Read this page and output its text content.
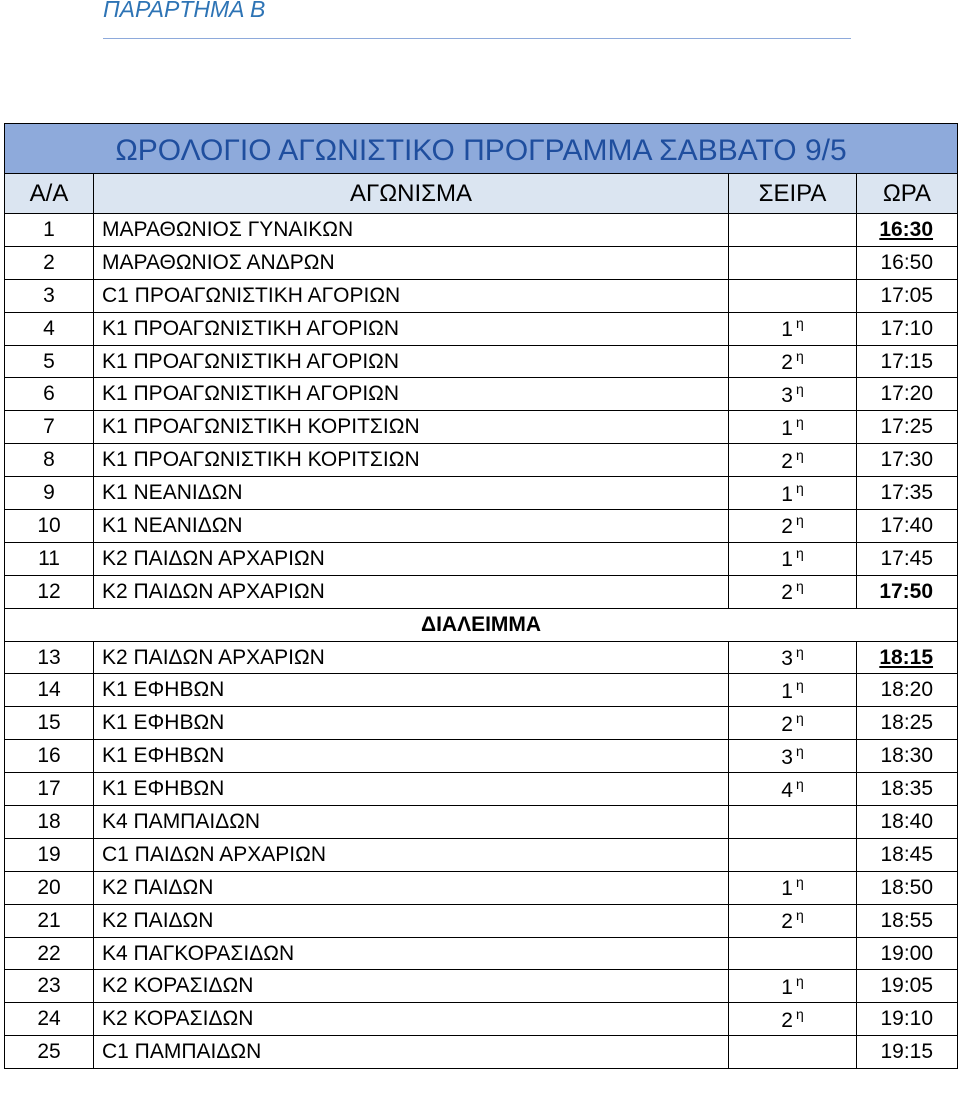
ΠΑΡΑΡΤΗΜΑ Β
ΩΡΟΛΟΓΙΟ ΑΓΩΝΙΣΤΙΚΟ ΠΡΟΓΡΑΜΜΑ ΣΑΒΒΑΤΟ 9/5			
Α/Α	ΑΓΩΝΙΣΜΑ	ΣΕΙΡΑ	ΩΡΑ
1	ΜΑΡΑΘΩΝΙΟΣ ΓΥΝΑΙΚΩΝ		16:30
2	ΜΑΡΑΘΩΝΙΟΣ ΑΝΔΡΩΝ		16:50
3	C1 ΠΡΟΑΓΩΝΙΣΤΙΚΗ ΑΓΟΡΙΩΝ		17:05
4	Κ1 ΠΡΟΑΓΩΝΙΣΤΙΚΗ ΑΓΟΡΙΩΝ	1 $^\eta$	17:10
5	Κ1 ΠΡΟΑΓΩΝΙΣΤΙΚΗ ΑΓΟΡΙΩΝ	2 $^\eta$	17:15
6	Κ1 ΠΡΟΑΓΩΝΙΣΤΙΚΗ ΑΓΟΡΙΩΝ	3 $^\eta$	17:20
7	Κ1 ΠΡΟΑΓΩΝΙΣΤΙΚΗ ΚΟΡΙΤΣΙΩΝ	1 $^\eta$	17:25
8	Κ1 ΠΡΟΑΓΩΝΙΣΤΙΚΗ ΚΟΡΙΤΣΙΩΝ	2 $^\eta$	17:30
9	Κ1 ΝΕΑΝΙΔΩΝ	1 $^\eta$	17:35
10	Κ1 ΝΕΑΝΙΔΩΝ	2 $^\eta$	17:40
11	Κ2 ΠΑΙΔΩΝ ΑΡΧΑΡΙΩΝ	1 $^\eta$	17:45
12	Κ2 ΠΑΙΔΩΝ ΑΡΧΑΡΙΩΝ	2 $^\eta$	17:50
ΔΙΑΛΕΙΜΜΑ			
13	Κ2 ΠΑΙΔΩΝ ΑΡΧΑΡΙΩΝ	3 $^\eta$	18:15
14	Κ1 ΕΦΗΒΩΝ	1 $^\eta$	18:20
15	Κ1 ΕΦΗΒΩΝ	2 $^\eta$	18:25
16	Κ1 ΕΦΗΒΩΝ	3 $^\eta$	18:30
17	Κ1 ΕΦΗΒΩΝ	4 $^\eta$	18:35
18	Κ4 ΠΑΜΠΑΙΔΩΝ		18:40
19	C1 ΠΑΙΔΩΝ ΑΡΧΑΡΙΩΝ		18:45
20	Κ2 ΠΑΙΔΩΝ	1 $^\eta$	18:50
21	Κ2 ΠΑΙΔΩΝ	2 $^\eta$	18:55
22	Κ4 ΠΑΓΚΟΡΑΣΙΔΩΝ		19:00
23	Κ2 ΚΟΡΑΣΙΔΩΝ	1 $^\eta$	19:05
24	Κ2 ΚΟΡΑΣΙΔΩΝ	2 $^\eta$	19:10
25	C1 ΠΑΜΠΑΙΔΩΝ		19:15
